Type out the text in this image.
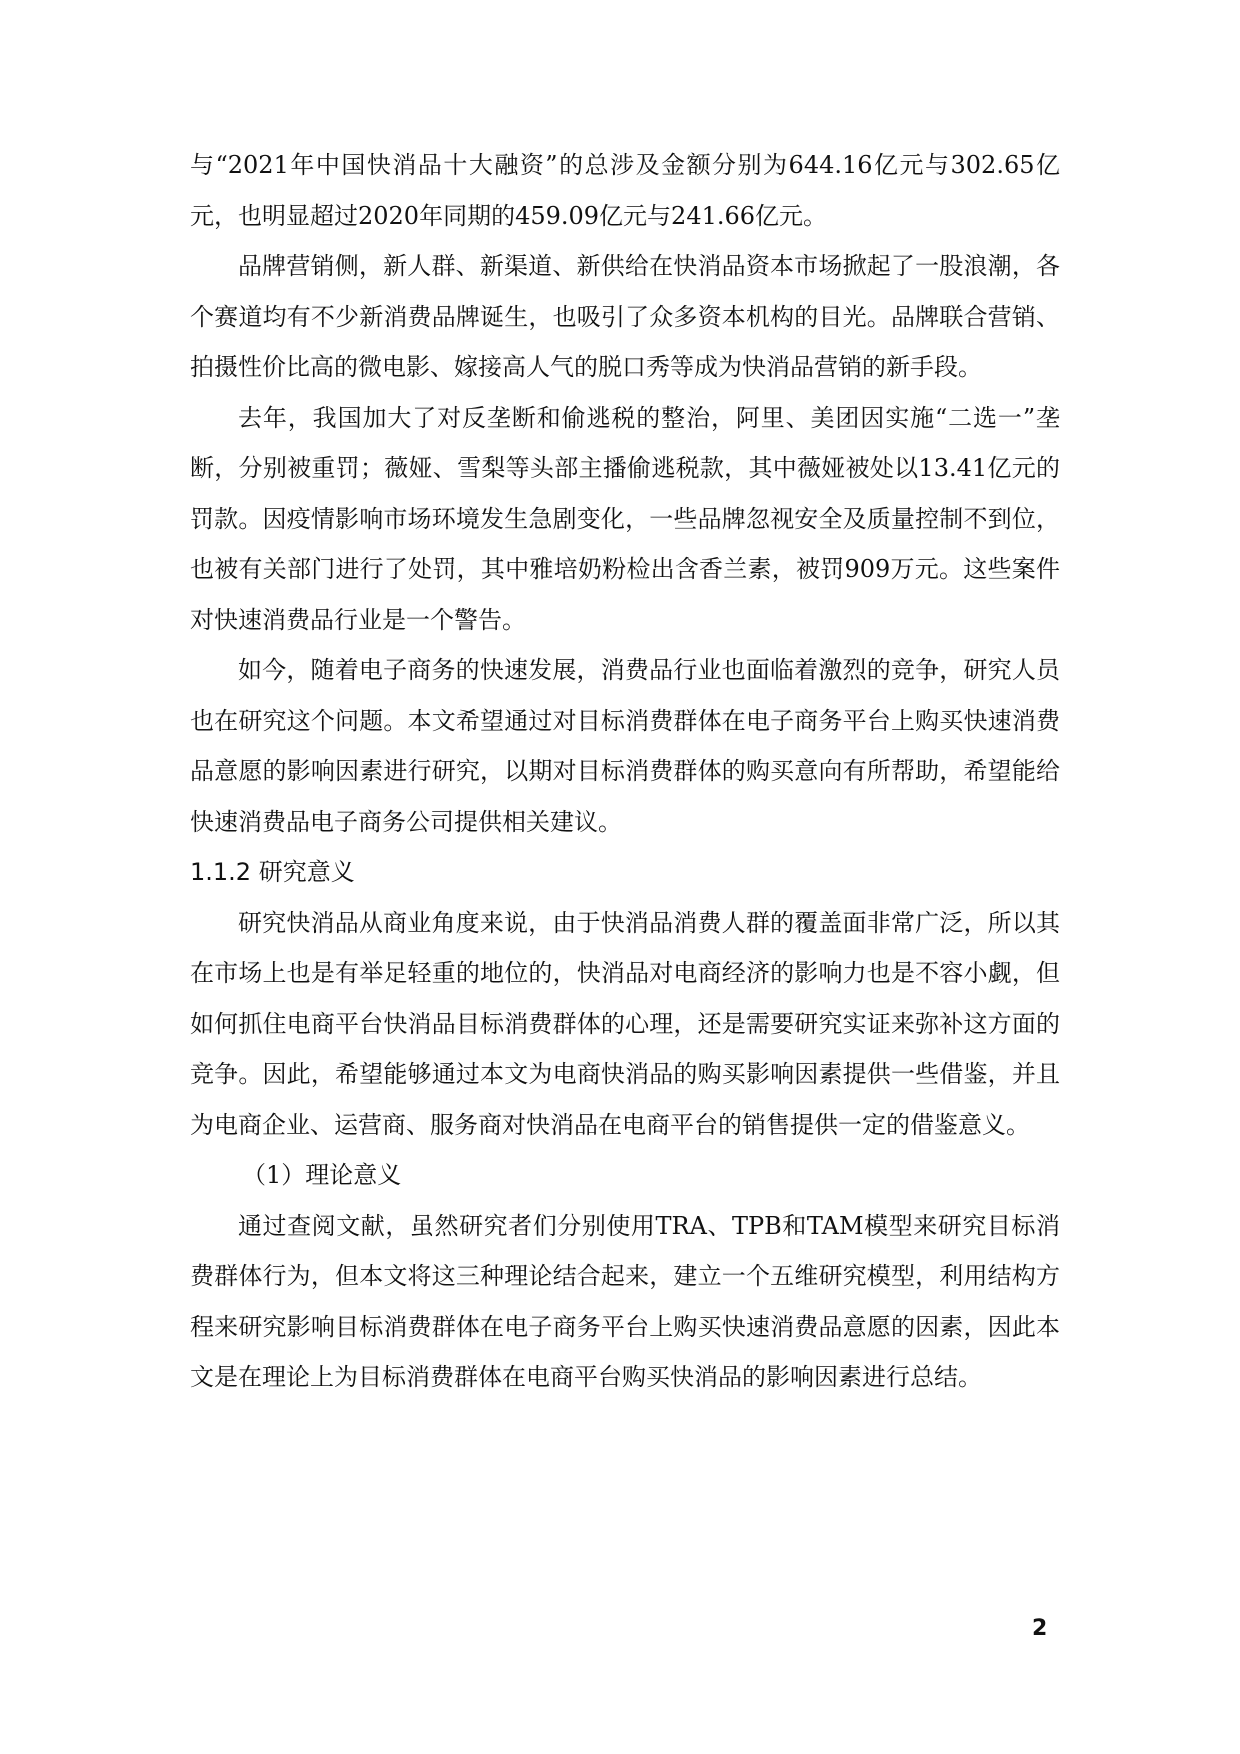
与“2021年中国快消品十大融资”的总涉及金额分别为644.16亿元与302.65亿元，也明显超过2020年同期的459.09亿元与241.66亿元。

品牌营销侧，新人群、新渠道、新供给在快消品资本市场掀起了一股浪潮，各个赛道均有不少新消费品牌诞生，也吸引了众多资本机构的目光。品牌联合营销、拍摄性价比高的微电影、嫁接高人气的脱口秀等成为快消品营销的新手段。

去年，我国加大了对反垄断和偷逃税的整治，阿里、美团因实施“二选一”垄断，分别被重罚；薇娅、雪梨等头部主播偷逃税款，其中薇娅被处以13.41亿元的罚款。因疫情影响市场环境发生急剧变化，一些品牌忽视安全及质量控制不到位，也被有关部门进行了处罚，其中雅培奶粉检出含香兰素，被罚909万元。这些案件对快速消费品行业是一个警告。

如今，随着电子商务的快速发展，消费品行业也面临着激烈的竞争，研究人员也在研究这个问题。本文希望通过对目标消费群体在电子商务平台上购买快速消费品意愿的影响因素进行研究，以期对目标消费群体的购买意向有所帮助，希望能给快速消费品电子商务公司提供相关建议。

1.1.2 研究意义

研究快消品从商业角度来说，由于快消品消费人群的覆盖面非常广泛，所以其在市场上也是有举足轻重的地位的，快消品对电商经济的影响力也是不容小觑，但如何抓住电商平台快消品目标消费群体的心理，还是需要研究实证来弥补这方面的竞争。因此，希望能够通过本文为电商快消品的购买影响因素提供一些借鉴，并且为电商企业、运营商、服务商对快消品在电商平台的销售提供一定的借鉴意义。

（1）理论意义

通过查阅文献，虽然研究者们分别使用TRA、TPB和TAM模型来研究目标消费群体行为，但本文将这三种理论结合起来，建立一个五维研究模型，利用结构方程来研究影响目标消费群体在电子商务平台上购买快速消费品意愿的因素，因此本文是在理论上为目标消费群体在电商平台购买快消品的影响因素进行总结。

2
